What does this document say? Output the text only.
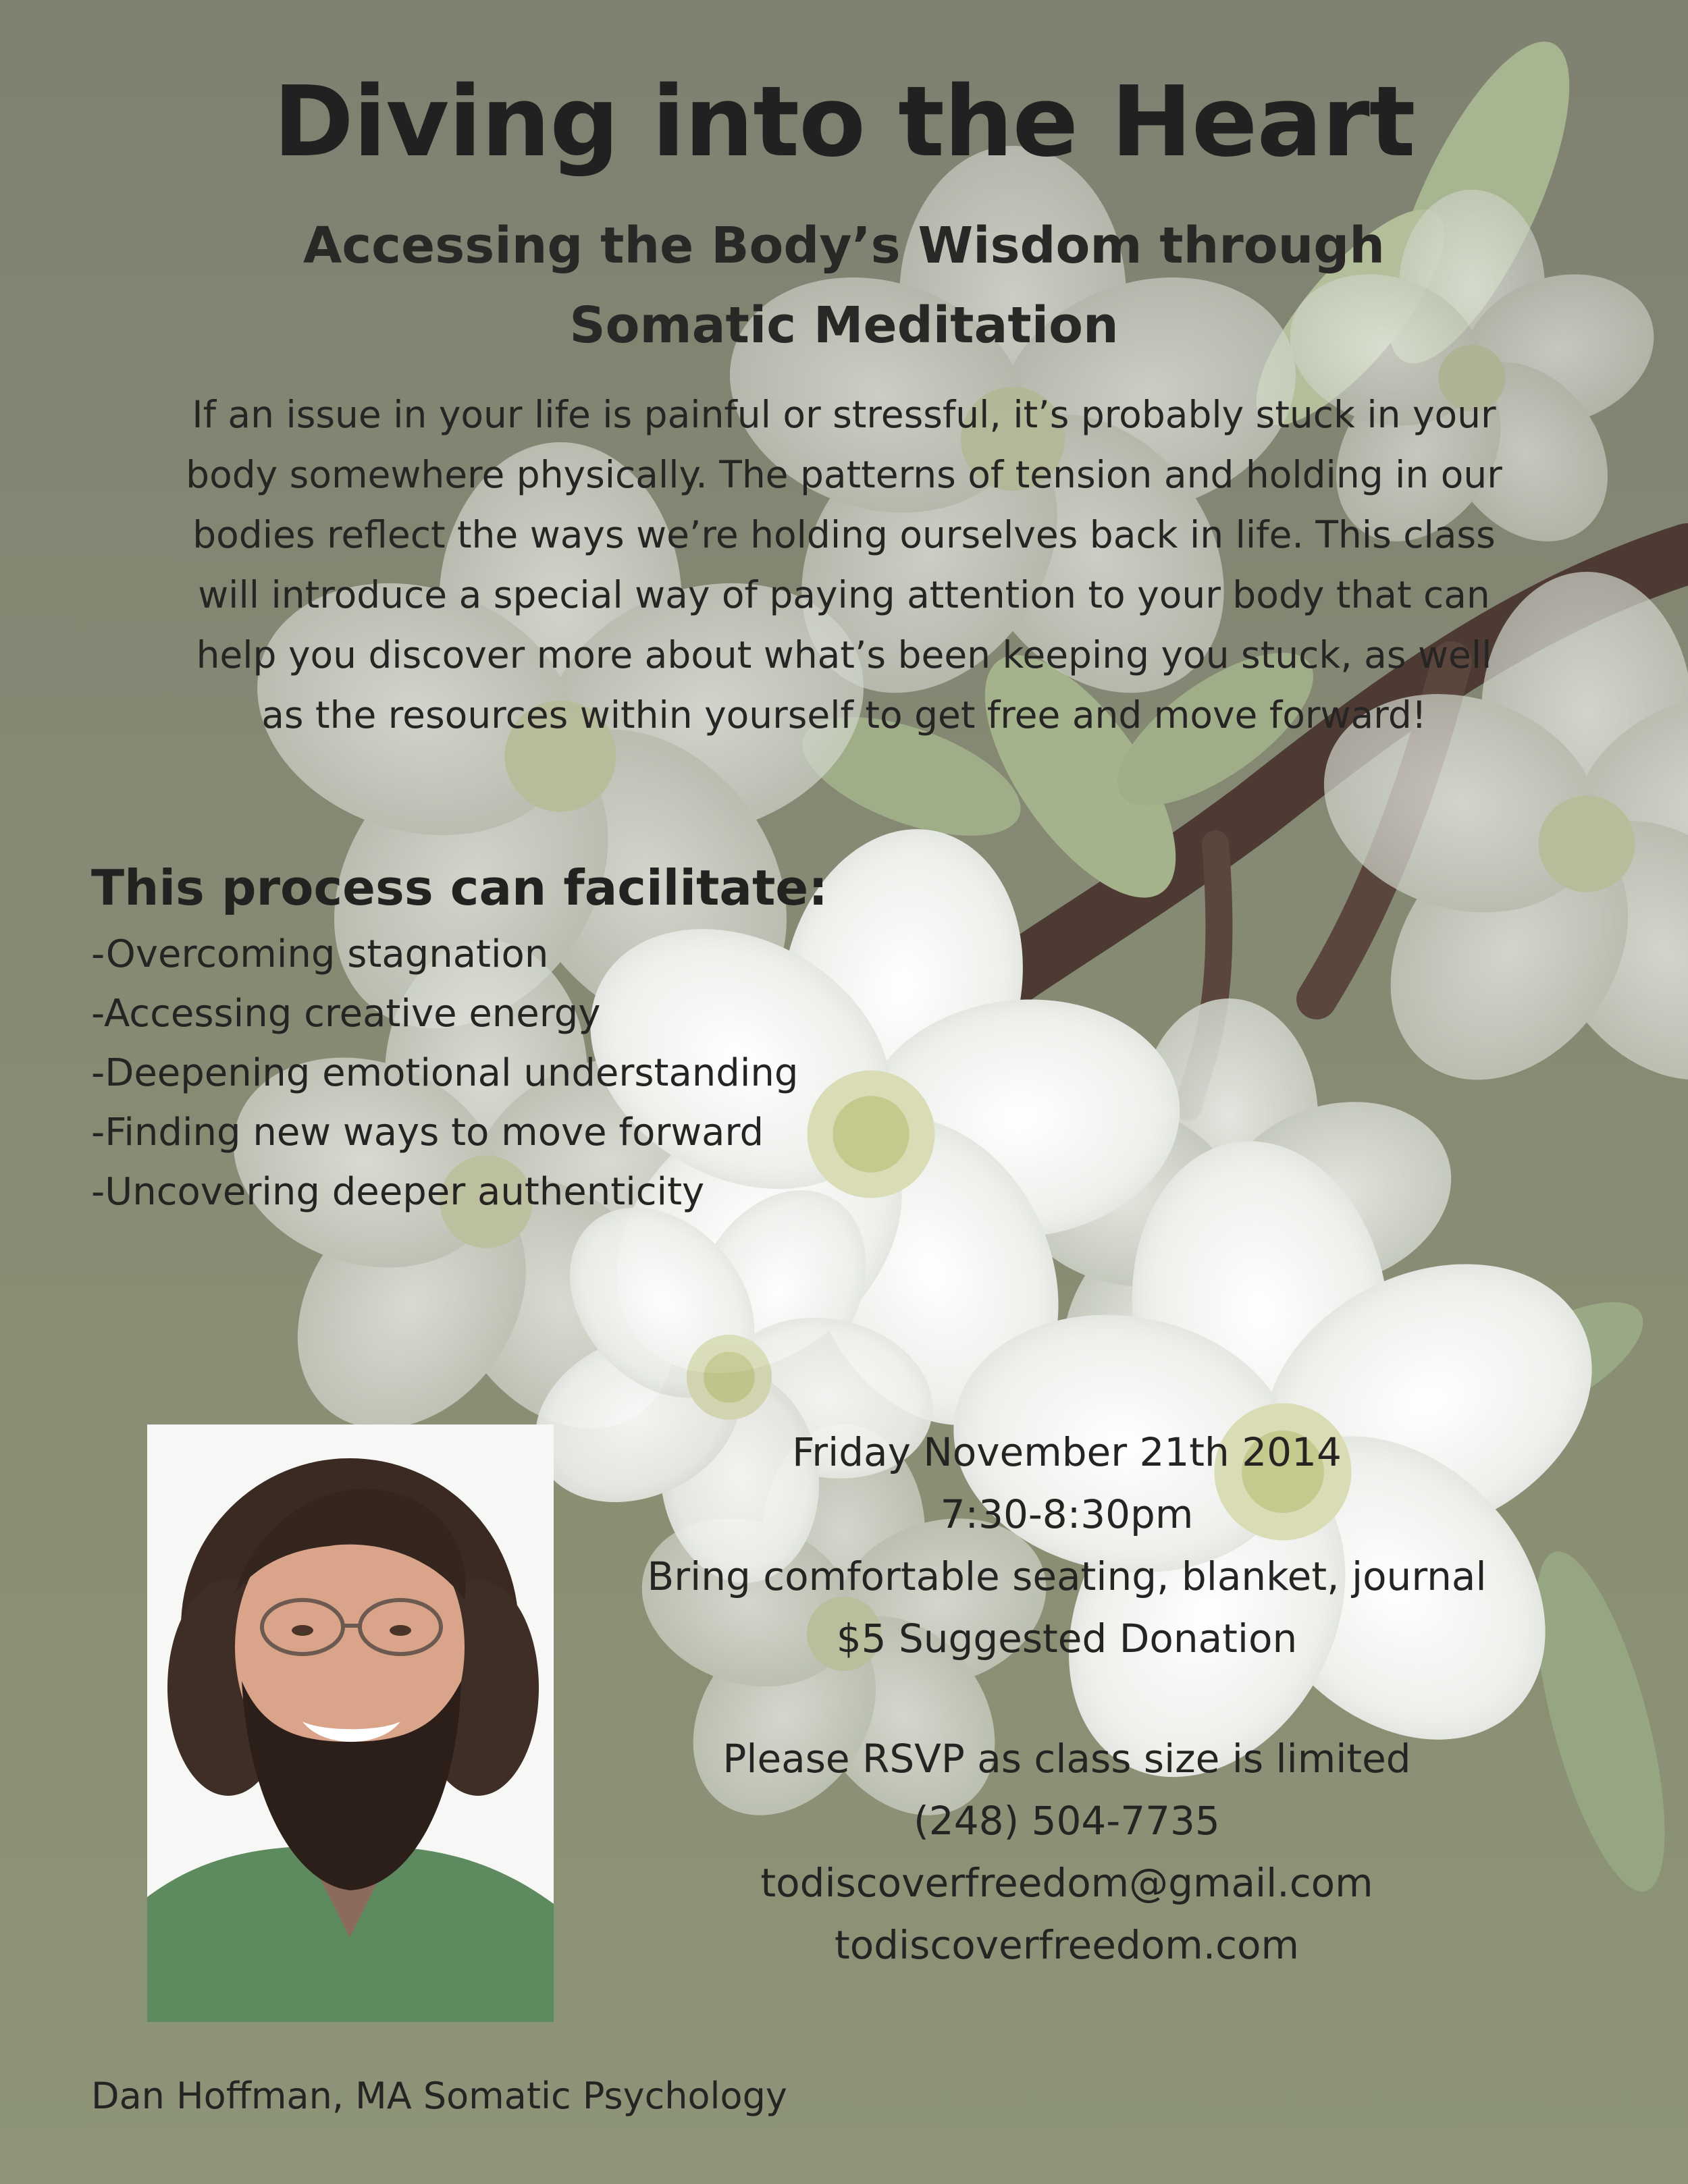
Diving into the Heart
Accessing the Body’s Wisdom through
Somatic Meditation

If an issue in your life is painful or stressful, it’s probably stuck in your
body somewhere physically. The patterns of tension and holding in our
bodies reflect the ways we’re holding ourselves back in life. This class
will introduce a special way of paying attention to your body that can
help you discover more about what’s been keeping you stuck, as well
as the resources within yourself to get free and move forward!

This process can facilitate:
-Overcoming stagnation
-Accessing creative energy
-Deepening emotional understanding
-Finding new ways to move forward
-Uncovering deeper authenticity
Friday November 21th 2014
7:30-8:30pm
Bring comfortable seating, blanket, journal
$5 Suggested Donation
Please RSVP as class size is limited
(248) 504-7735
todiscoverfreedom@gmail.com
todiscoverfreedom.com

Dan Hoffman, MA Somatic Psychology
